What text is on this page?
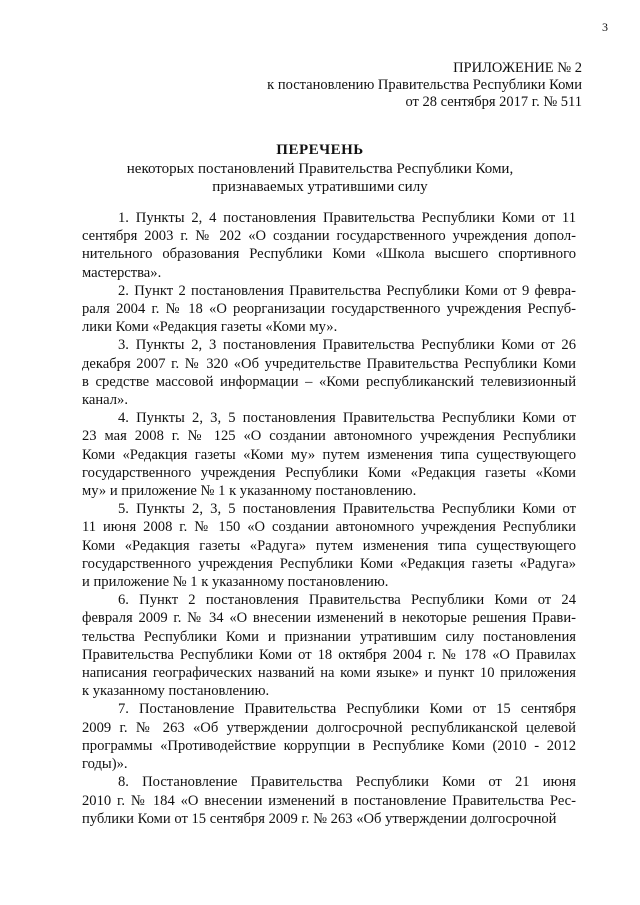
3
ПРИЛОЖЕНИЕ № 2
к постановлению Правительства Республики Коми
от 28 сентября 2017 г. № 511
ПЕРЕЧЕНЬ
некоторых постановлений Правительства Республики Коми,
признаваемых утратившими силу
1. Пункты 2, 4 постановления Правительства Республики Коми от 11
сентября 2003 г. № 202 «О создании государственного учреждения допол-
нительного образования Республики Коми «Школа высшего спортивного
мастерства».
2. Пункт 2 постановления Правительства Республики Коми от 9 февра-
раля 2004 г. № 18 «О реорганизации государственного учреждения Респуб-
лики Коми «Редакция газеты «Коми му».
3. Пункты 2, 3 постановления Правительства Республики Коми от 26
декабря 2007 г. № 320 «Об учредительстве Правительства Республики Коми
в средстве массовой информации – «Коми республиканский телевизионный
канал».
4. Пункты 2, 3, 5 постановления Правительства Республики Коми от
23 мая 2008 г. № 125 «О создании автономного учреждения Республики
Коми «Редакция газеты «Коми му» путем изменения типа существующего
государственного учреждения Республики Коми «Редакция газеты «Коми
му» и приложение № 1 к указанному постановлению.
5. Пункты 2, 3, 5 постановления Правительства Республики Коми от
11 июня 2008 г. № 150 «О создании автономного учреждения Республики
Коми «Редакция газеты «Радуга» путем изменения типа существующего
государственного учреждения Республики Коми «Редакция газеты «Радуга»
и приложение № 1 к указанному постановлению.
6. Пункт 2 постановления Правительства Республики Коми от 24
февраля 2009 г. № 34 «О внесении изменений в некоторые решения Прави-
тельства Республики Коми и признании утратившим силу постановления
Правительства Республики Коми от 18 октября 2004 г. № 178 «О Правилах
написания географических названий на коми языке» и пункт 10 приложения
к указанному постановлению.
7. Постановление Правительства Республики Коми от 15 сентября
2009 г. № 263 «Об утверждении долгосрочной республиканской целевой
программы «Противодействие коррупции в Республике Коми (2010 - 2012
годы)».
8. Постановление Правительства Республики Коми от 21 июня
2010 г. № 184 «О внесении изменений в постановление Правительства Рес-
публики Коми от 15 сентября 2009 г. № 263 «Об утверждении долгосрочной
